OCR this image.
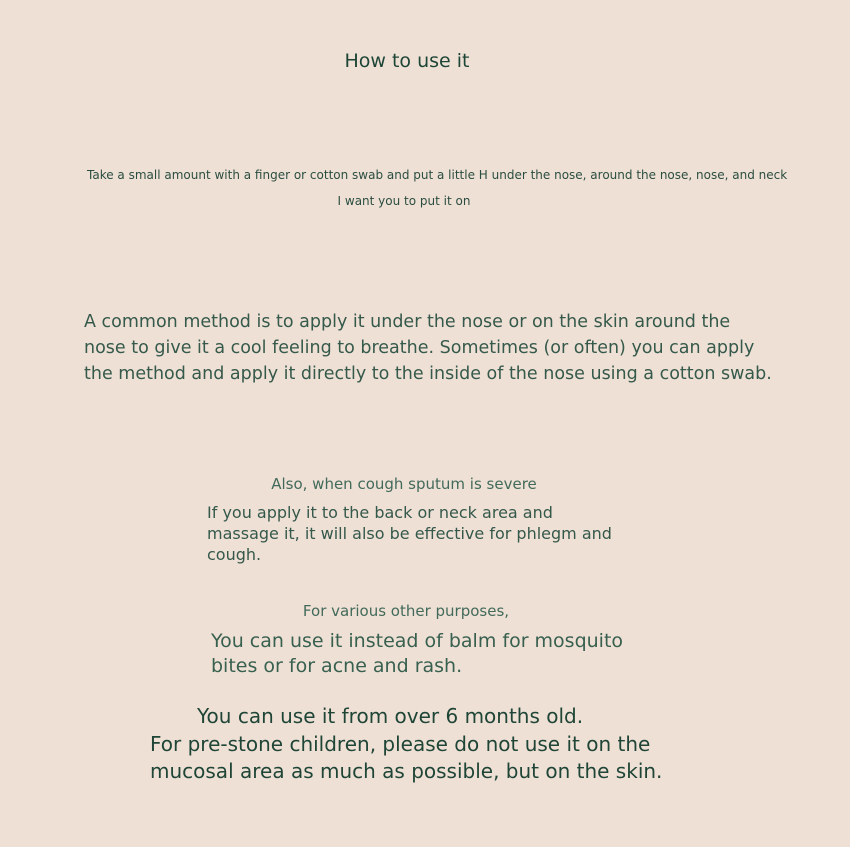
How to use it
Take a small amount with a finger or cotton swab and put a little H under the nose, around the nose, nose, and neck
I want you to put it on
A common method is to apply it under the nose or on the skin around the nose to give it a cool feeling to breathe. Sometimes (or often) you can apply the method and apply it directly to the inside of the nose using a cotton swab.
Also, when cough sputum is severe
If you apply it to the back or neck area and massage it, it will also be effective for phlegm and cough.
For various other purposes,
You can use it instead of balm for mosquito bites or for acne and rash.
You can use it from over 6 months old.
For pre-stone children, please do not use it on the mucosal area as much as possible, but on the skin.
